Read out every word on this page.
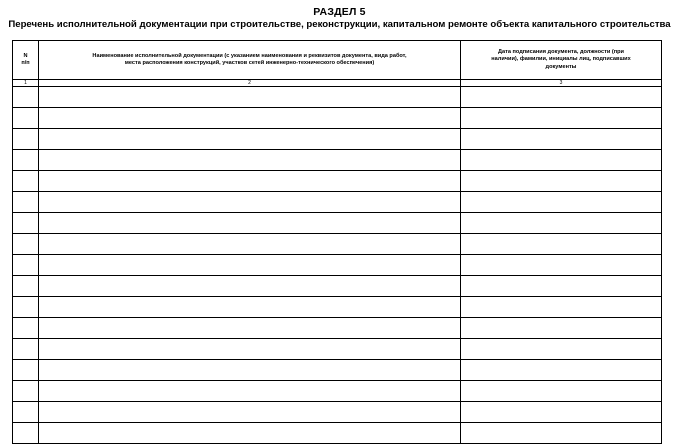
РАЗДЕЛ 5
Перечень исполнительной документации при строительстве, реконструкции, капитальном ремонте объекта капитального строительства
N
п/п	Наименование исполнительной документации (с указанием наименования и реквизитов документа, вида работ, места расположения конструкций, участков сетей инженерно-технического обеспечения)	Дата подписания документа, должности (при наличии), фамилии, инициалы лиц, подписавших документы

1	2	3
